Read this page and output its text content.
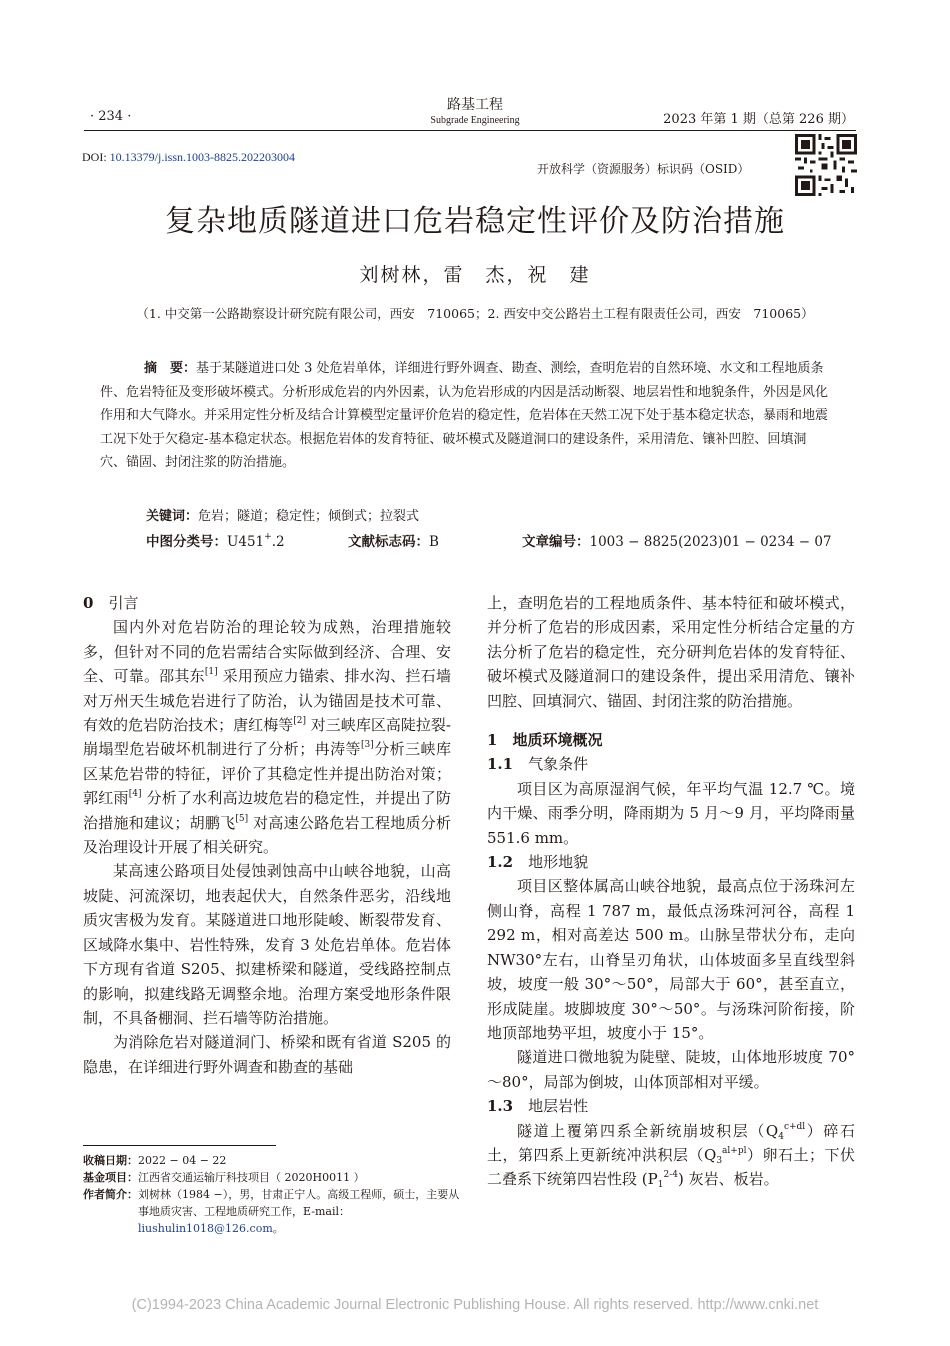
· 234 ·
路基工程
Subgrade Engineering	2023 年第 1 期（总第 226 期）
DOI: 10.13379/j.issn.1003-8825.202203004
开放科学（资源服务）标识码（OSID）
复杂地质隧道进口危岩稳定性评价及防治措施
刘树林，雷　杰，祝　建
（1. 中交第一公路勘察设计研究院有限公司，西安　710065；2. 西安中交公路岩土工程有限责任公司，西安　710065）
摘　要：基于某隧道进口处 3 处危岩单体，详细进行野外调查、勘查、测绘，查明危岩的自然环境、水文和工程地质条件、危岩特征及变形破坏模式。分析形成危岩的内外因素，认为危岩形成的内因是活动断裂、地层岩性和地貌条件，外因是风化作用和大气降水。并采用定性分析及结合计算模型定量评价危岩的稳定性，危岩体在天然工况下处于基本稳定状态，暴雨和地震工况下处于欠稳定-基本稳定状态。根据危岩体的发育特征、破坏模式及隧道洞口的建设条件，采用清危、镶补凹腔、回填洞穴、锚固、封闭注浆的防治措施。
关键词：危岩；隧道；稳定性；倾倒式；拉裂式
中图分类号：U451+.2	文献标志码：B	文章编号：1003 − 8825(2023)01 − 0234 − 07
0　 引言

国内外对危岩防治的理论较为成熟，治理措施较多，但针对不同的危岩需结合实际做到经济、合理、安全、可靠。邵其东[1] 采用预应力锚索、排水沟、拦石墙对万州天生城危岩进行了防治，认为锚固是技术可靠、有效的危岩防治技术；唐红梅等[2] 对三峡库区高陡拉裂-崩塌型危岩破坏机制进行了分析；冉涛等[3]分析三峡库区某危岩带的特征，评价了其稳定性并提出防治对策；郭红雨[4] 分析了水利高边坡危岩的稳定性，并提出了防治措施和建议；胡鹏飞[5] 对高速公路危岩工程地质分析及治理设计开展了相关研究。

某高速公路项目处侵蚀剥蚀高中山峡谷地貌，山高坡陡、河流深切，地表起伏大，自然条件恶劣，沿线地质灾害极为发育。某隧道进口地形陡峻、断裂带发育、区域降水集中、岩性特殊，发育 3 处危岩单体。危岩体下方现有省道 S205、拟建桥梁和隧道，受线路控制点的影响，拟建线路无调整余地。治理方案受地形条件限制，不具备棚洞、拦石墙等防治措施。

为消除危岩对隧道洞门、桥梁和既有省道 S205 的隐患，在详细进行野外调查和勘查的基础

上，查明危岩的工程地质条件、基本特征和破坏模式，并分析了危岩的形成因素，采用定性分析结合定量的方法分析了危岩的稳定性，充分研判危岩体的发育特征、破坏模式及隧道洞口的建设条件，提出采用清危、镶补凹腔、回填洞穴、锚固、封闭注浆的防治措施。

1　 地质环境概况
1.1　 气象条件

项目区为高原湿润气候，年平均气温 12.7 ℃。境内干燥、雨季分明，降雨期为 5 月～9 月，平均降雨量 551.6 mm。

1.2　 地形地貌

项目区整体属高山峡谷地貌，最高点位于汤珠河左侧山脊，高程 1 787 m，最低点汤珠河河谷，高程 1 292 m，相对高差达 500 m。山脉呈带状分布，走向 NW30°左右，山脊呈刃角状，山体坡面多呈直线型斜坡，坡度一般 30°～50°，局部大于 60°，甚至直立，形成陡崖。坡脚坡度 30°～50°。与汤珠河阶衔接，阶地顶部地势平坦，坡度小于 15°。

隧道进口微地貌为陡壁、陡坡，山体地形坡度 70°～80°，局部为倒坡，山体顶部相对平缓。

1.3　 地层岩性

隧道上覆第四系全新统崩坡积层$(Q_4^{c+dl})$碎石土，第四系上更新统冲洪积层$(Q_3^{al+pl})$卵石土；下伏二叠系下统第四岩性段 $(P_1^{2-4})$ 灰岩、板岩。

收稿日期： 2022 − 04 − 22
基金项目： 江西省交通运输厅科技项目（ 2020H0011 ）
作者简介： 刘树林（1984 −），男，甘肃正宁人。高级工程师，硕士，主要从事地质灾害、工程地质研究工作，E-mail：liushulin1018@126.com。
(C)1994-2023 China Academic Journal Electronic Publishing House. All rights reserved. http://www.cnki.net
